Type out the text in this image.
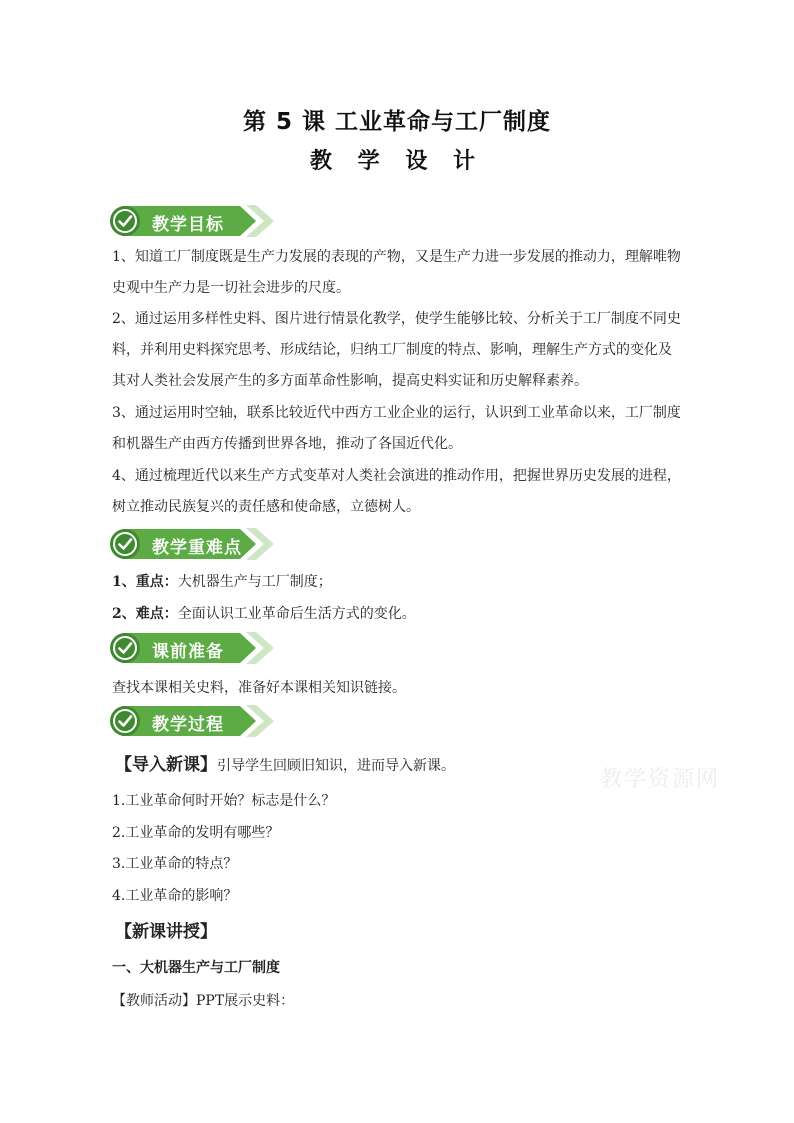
第 5 课 工业革命与工厂制度
教 学 设 计
教学目标

1、知道工厂制度既是生产力发展的表现的产物，又是生产力进一步发展的推动力，理解唯物史观中生产力是一切社会进步的尺度。

2、通过运用多样性史料、图片进行情景化教学，使学生能够比较、分析关于工厂制度不同史料，并利用史料探究思考、形成结论，归纳工厂制度的特点、影响，理解生产方式的变化及其对人类社会发展产生的多方面革命性影响，提高史料实证和历史解释素养。

3、通过运用时空轴，联系比较近代中西方工业企业的运行，认识到工业革命以来，工厂制度和机器生产由西方传播到世界各地，推动了各国近代化。

4、通过梳理近代以来生产方式变革对人类社会演进的推动作用，把握世界历史发展的进程，树立推动民族复兴的责任感和使命感，立德树人。

教学重难点

1、重点：大机器生产与工厂制度；

2、难点：全面认识工业革命后生活方式的变化。

课前准备

查找本课相关史料，准备好本课相关知识链接。

教学过程

【导入新课】引导学生回顾旧知识，进而导入新课。

教学资源网

1.工业革命何时开始？标志是什么？

2.工业革命的发明有哪些？

3.工业革命的特点？

4.工业革命的影响？

【新课讲授】

一、大机器生产与工厂制度

【教师活动】PPT展示史料：
